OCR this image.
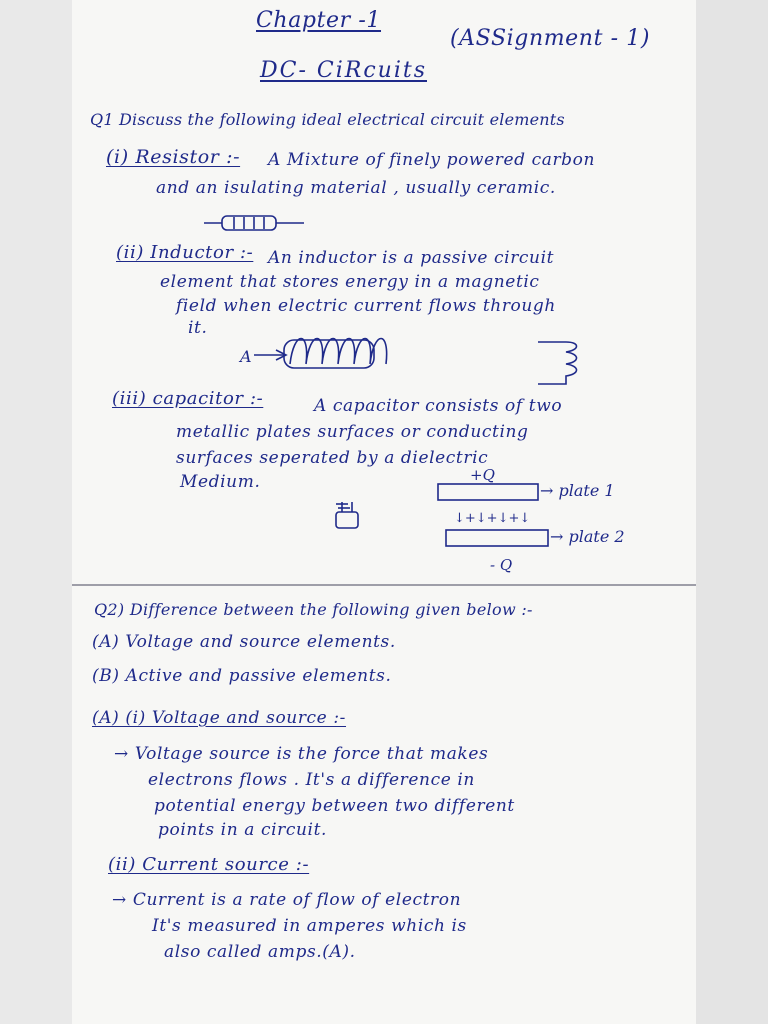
Chapter -1
(ASSignment - 1)
DC- CiRcuits
Q1 Discuss the following ideal electrical circuit elements
(i) Resistor :- A Mixture of finely powered carbon
and an isulating material , usually ceramic.
(ii) Inductor :- An inductor is a passive circuit
element that stores energy in a magnetic
field when electric current flows through
it.
(iii) capacitor :-	A capacitor consists of two
metallic plates surfaces or conducting
surfaces seperated by a dielectric
Medium.
A
+Q
→ plate 1
↓+↓+↓+↓
→ plate 2
- Q
Q2) Difference between the following given below :-
(A) Voltage and source elements.
(B) Active and passive elements.
(A) (i) Voltage and source :-
→ Voltage source is the force that makes
electrons flows . It's a difference in
potential energy between two different
points in a circuit.
(ii) Current source :-
→ Current is a rate of flow of electron
It's measured in amperes which is
also called amps.(A).
